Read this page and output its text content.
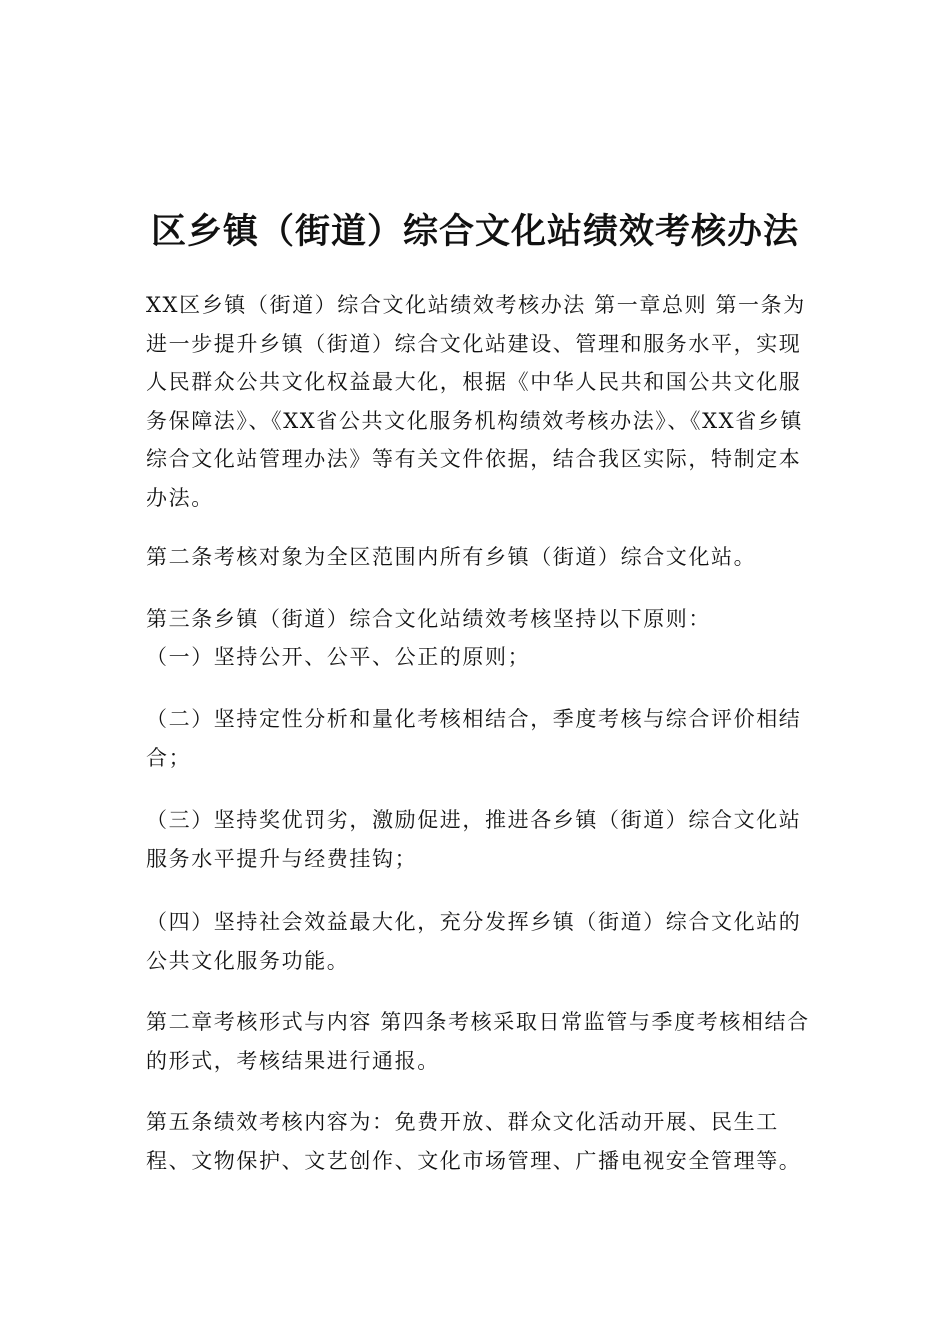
区乡镇（街道）综合文化站绩效考核办法

XX区乡镇（街道）综合文化站绩效考核办法 第一章总则 第一条为进一步提升乡镇（街道）综合文化站建设、管理和服务水平，实现人民群众公共文化权益最大化，根据《中华人民共和国公共文化服务保障法》、《XX省公共文化服务机构绩效考核办法》、《XX省乡镇综合文化站管理办法》等有关文件依据，结合我区实际，特制定本办法。

第二条考核对象为全区范围内所有乡镇（街道）综合文化站。

第三条乡镇（街道）综合文化站绩效考核坚持以下原则：

（一）坚持公开、公平、公正的原则；

（二）坚持定性分析和量化考核相结合，季度考核与综合评价相结合；

（三）坚持奖优罚劣，激励促进，推进各乡镇（街道）综合文化站服务水平提升与经费挂钩；

（四）坚持社会效益最大化，充分发挥乡镇（街道）综合文化站的公共文化服务功能。

第二章考核形式与内容 第四条考核采取日常监管与季度考核相结合的形式，考核结果进行通报。

第五条绩效考核内容为：免费开放、群众文化活动开展、民生工程、文物保护、文艺创作、文化市场管理、广播电视安全管理等。
